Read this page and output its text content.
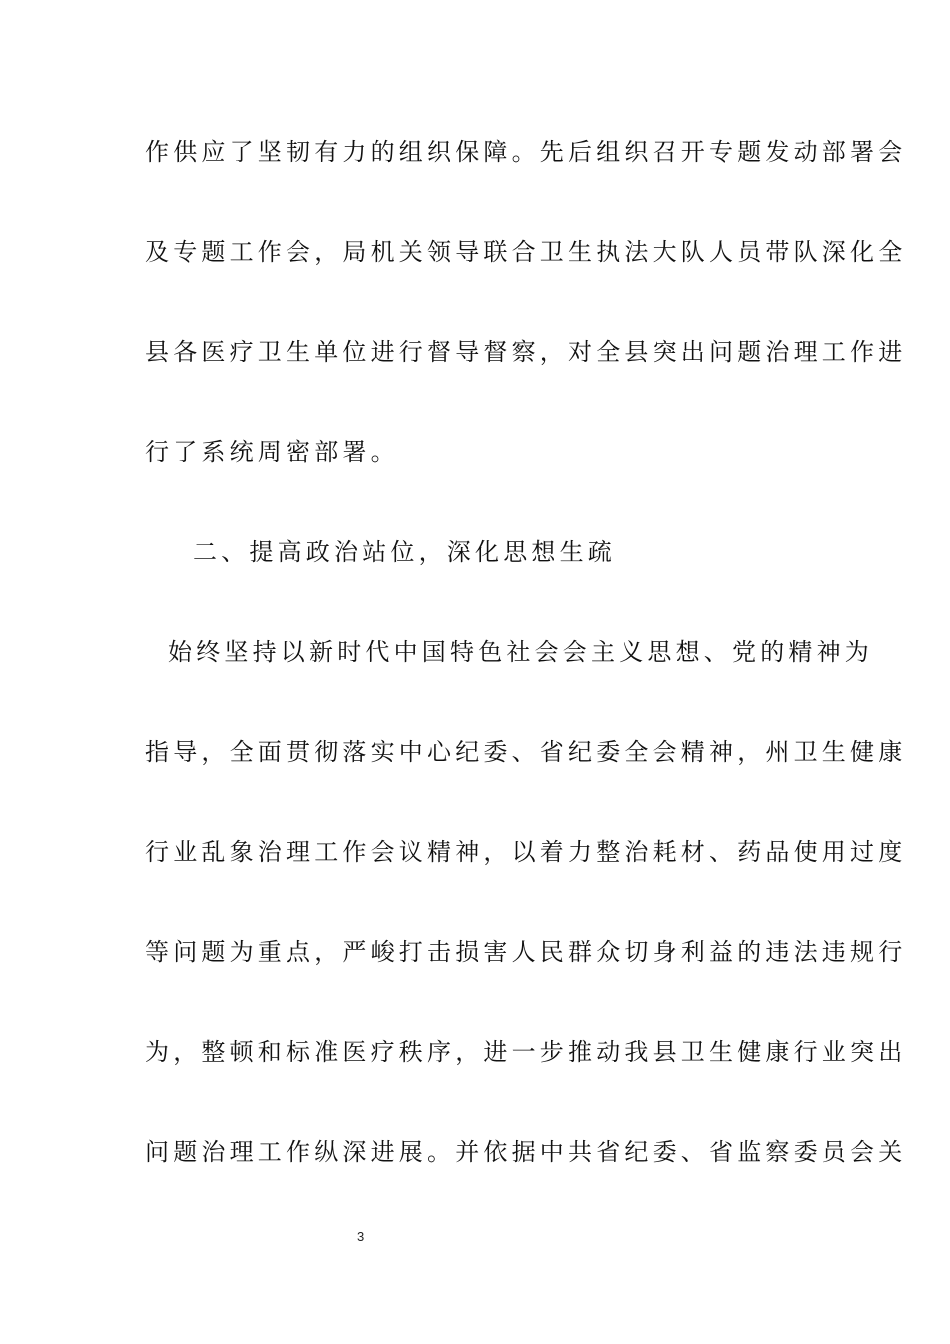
作供应了坚韧有力的组织保障。先后组织召开专题发动部署会
及专题工作会，局机关领导联合卫生执法大队人员带队深化全
县各医疗卫生单位进行督导督察，对全县突出问题治理工作进
行了系统周密部署。
二、提高政治站位，深化思想生疏
始终坚持以新时代中国特色社会会主义思想、党的精神为
指导，全面贯彻落实中心纪委、省纪委全会精神，州卫生健康
行业乱象治理工作会议精神，以着力整治耗材、药品使用过度
等问题为重点，严峻打击损害人民群众切身利益的违法违规行
为，整顿和标准医疗秩序，进一步推动我县卫生健康行业突出
问题治理工作纵深进展。并依据中共省纪委、省监察委员会关
3
